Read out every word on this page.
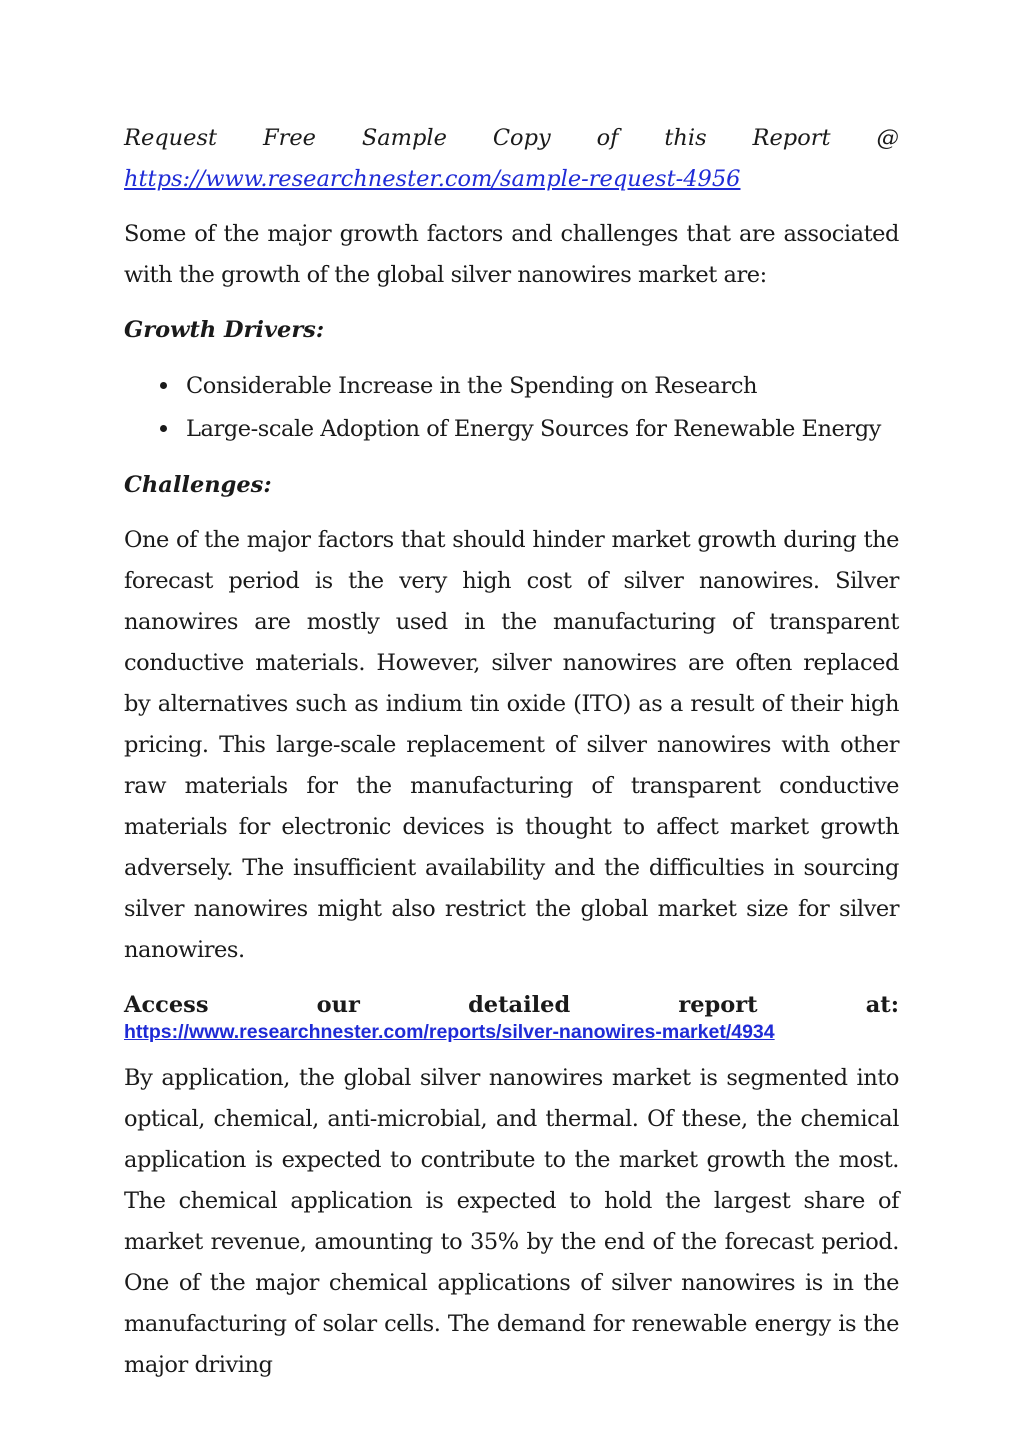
Request Free Sample Copy of this Report @
https://www.researchnester.com/sample-request-4956

Some of the major growth factors and challenges that are associated with the growth of the global silver nanowires market are:

Growth Drivers:
Considerable Increase in the Spending on Research
Large-scale Adoption of Energy Sources for Renewable Energy
Challenges:

One of the major factors that should hinder market growth during the forecast period is the very high cost of silver nanowires. Silver nanowires are mostly used in the manufacturing of transparent conductive materials. However, silver nanowires are often replaced by alternatives such as indium tin oxide (ITO) as a result of their high pricing. This large-scale replacement of silver nanowires with other raw materials for the manufacturing of transparent conductive materials for electronic devices is thought to affect market growth adversely. The insufficient availability and the difficulties in sourcing silver nanowires might also restrict the global market size for silver nanowires.

Access	our	detailed	report	at:
https://www.researchnester.com/reports/silver-nanowires-market/4934

By application, the global silver nanowires market is segmented into optical, chemical, anti-microbial, and thermal. Of these, the chemical application is expected to contribute to the market growth the most. The chemical application is expected to hold the largest share of market revenue, amounting to 35% by the end of the forecast period. One of the major chemical applications of silver nanowires is in the manufacturing of solar cells. The demand for renewable energy is the major driving
